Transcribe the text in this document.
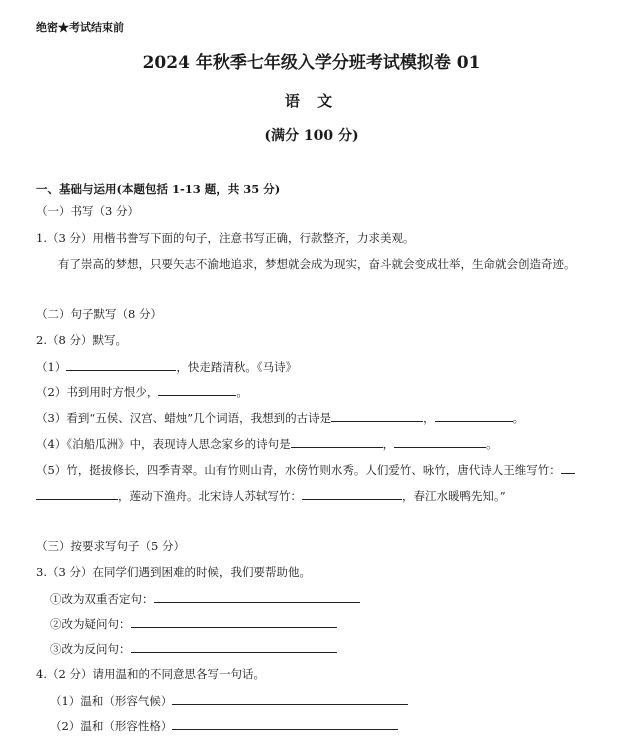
绝密★考试结束前
2024 年秋季七年级入学分班考试模拟卷 01
语 文
(满分 100 分)
一、基础与运用(本题包括 1-13 题，共 35 分)
（一）书写（3 分）
1.（3 分）用楷书誊写下面的句子，注意书写正确，行款整齐，力求美观。
有了崇高的梦想，只要矢志不渝地追求，梦想就会成为现实，奋斗就会变成壮举，生命就会创造奇迹。
（二）句子默写（8 分）
2.（8 分）默写。
（1）	，快走踏清秋。《马诗》
（2）书到用时方恨少，	。
（3）看到“五侯、汉宫、蜡烛”几个词语，我想到的古诗是	，	。
（4）《泊船瓜洲》中，表现诗人思念家乡的诗句是	，	。
（5）竹，挺拔修长，四季青翠。山有竹则山青，水傍竹则水秀。人们爱竹、咏竹，唐代诗人王维写竹：
，莲动下渔舟。北宋诗人苏轼写竹：	，春江水暖鸭先知。”
（三）按要求写句子（5 分）
3.（3 分）在同学们遇到困难的时候，我们要帮助他。
①改为双重否定句：
②改为疑问句：
③改为反问句：
4.（2 分）请用温和的不同意思各写一句话。
（1）温和（形容气候）
（2）温和（形容性格）
